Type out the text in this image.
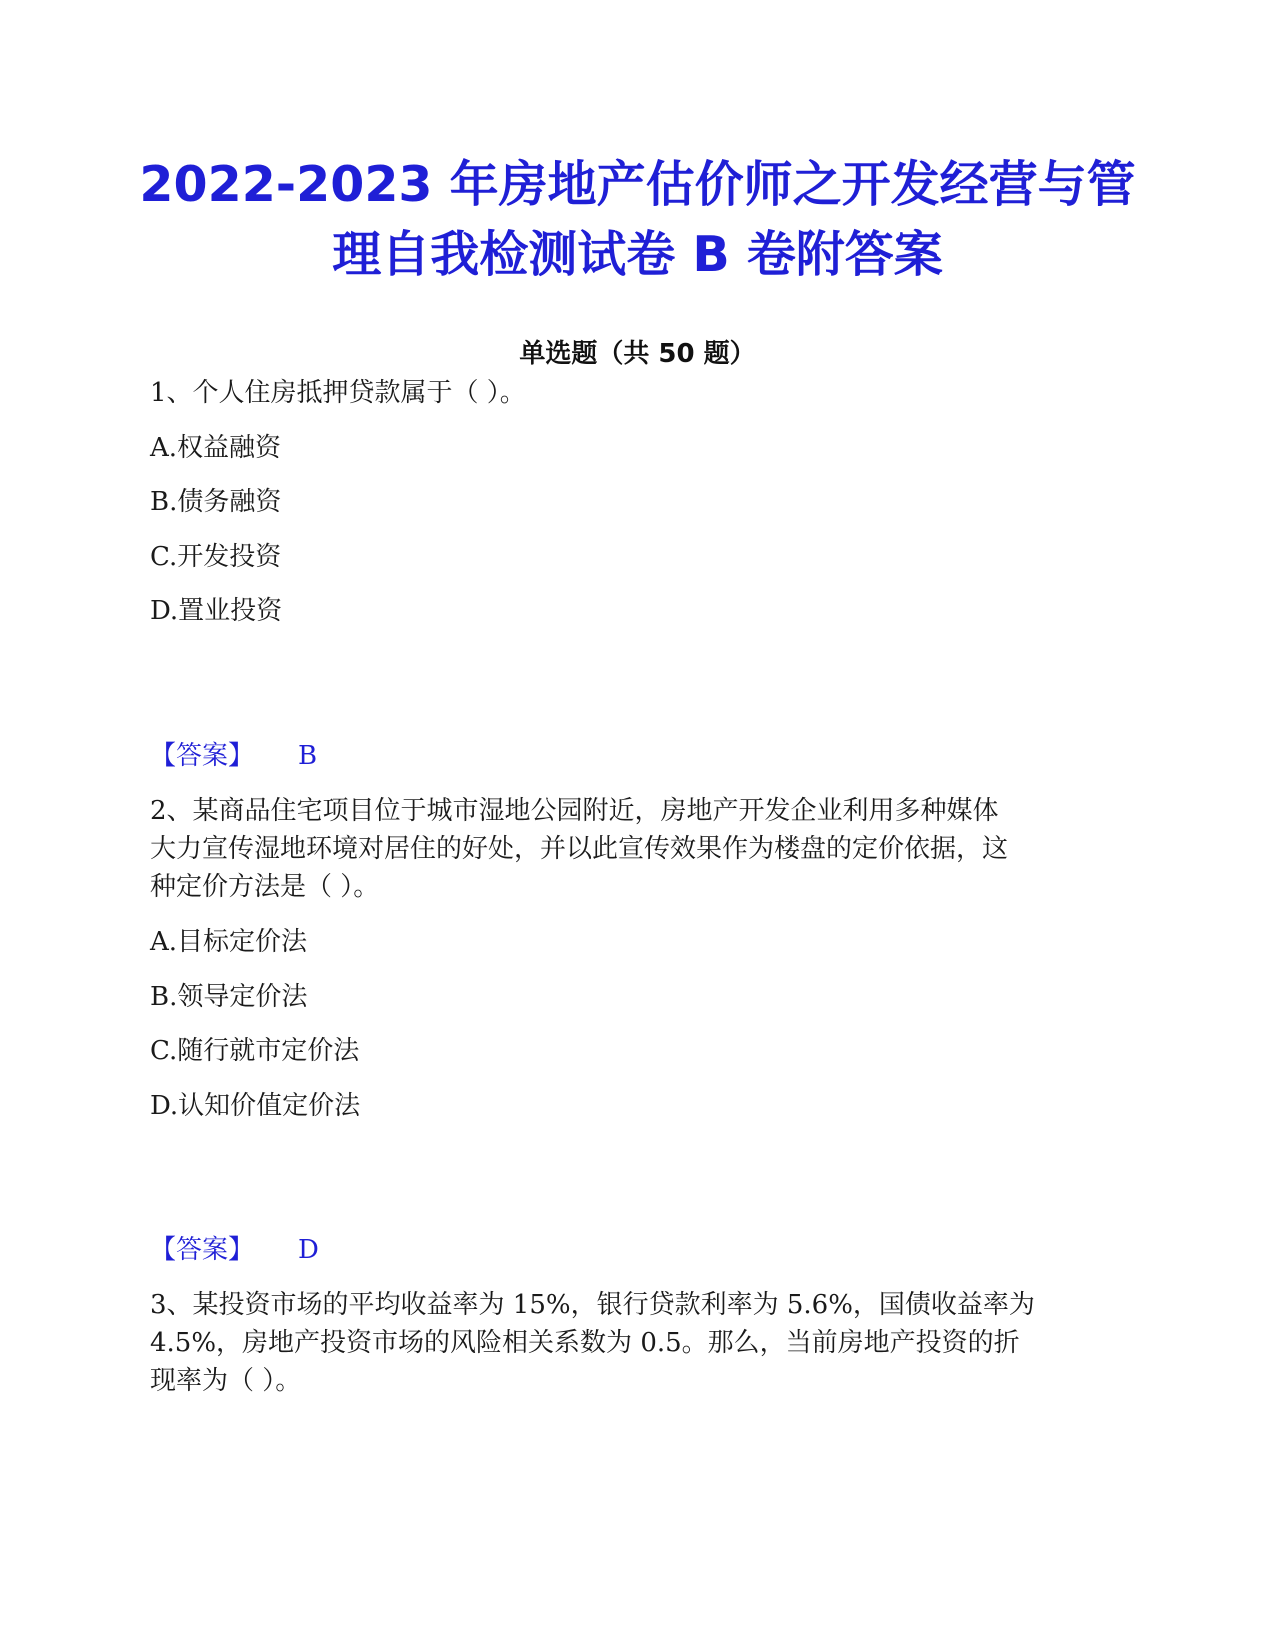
2022-2023 年房地产估价师之开发经营与管
理自我检测试卷 B 卷附答案
单选题（共 50 题）
1、个人住房抵押贷款属于（ ）。
A.权益融资
B.债务融资
C.开发投资
D.置业投资
【答案】 B
2、某商品住宅项目位于城市湿地公园附近，房地产开发企业利用多种媒体
大力宣传湿地环境对居住的好处，并以此宣传效果作为楼盘的定价依据，这
种定价方法是（ ）。
A.目标定价法
B.领导定价法
C.随行就市定价法
D.认知价值定价法
【答案】 D
3、某投资市场的平均收益率为 15%，银行贷款利率为 5.6%，国债收益率为
4.5%，房地产投资市场的风险相关系数为 0.5。那么，当前房地产投资的折
现率为（ ）。
